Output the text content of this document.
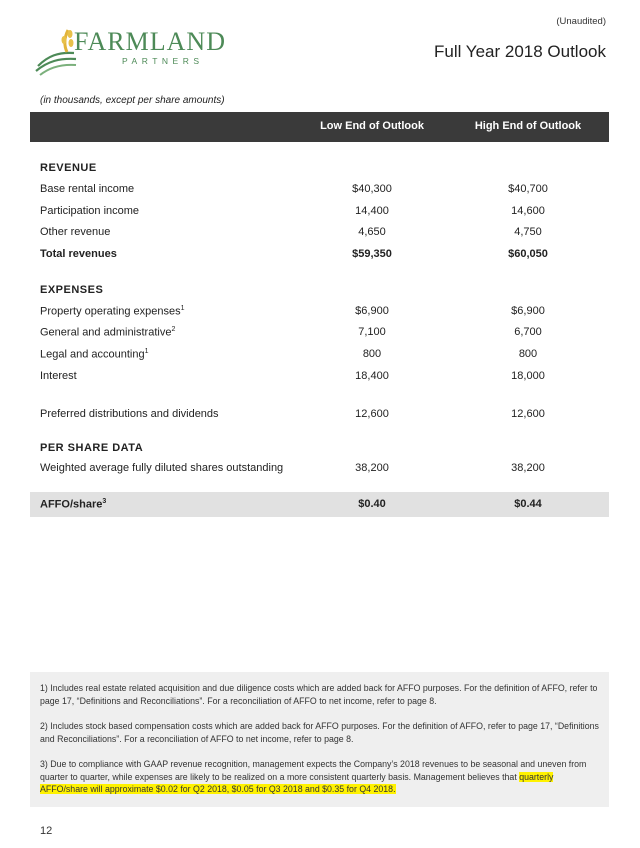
FARMLAND
PARTNERS
(Unaudited)
Full Year 2018 Outlook
(in thousands, except per share amounts)
Low End of Outlook	High End of Outlook
REVENUE
Base rental income	$40,300	$40,700
Participation income	14,400	14,600
Other revenue	4,650	4,750
Total revenues	$59,350	$60,050
EXPENSES
Property operating expenses$^1$	$6,900	$6,900
General and administrative$^2$	7,100	6,700
Legal and accounting$^1$	800	800
Interest	18,400	18,000
Preferred distributions and dividends	12,600	12,600
PER SHARE DATA
Weighted average fully diluted shares outstanding	38,200	38,200
AFFO/share$^3$	$0.40	$0.44
1) Includes real estate related acquisition and due diligence costs which are added back for AFFO purposes. For the definition of AFFO, refer to page 17, “Definitions and Reconciliations”. For a reconciliation of AFFO to net income, refer to page 8.
2) Includes stock based compensation costs which are added back for AFFO purposes. For the definition of AFFO, refer to page 17, “Definitions and Reconciliations”. For a reconciliation of AFFO to net income, refer to page 8.
3) Due to compliance with GAAP revenue recognition, management expects the Company’s 2018 revenues to be seasonal and uneven from quarter to quarter, while expenses are likely to be realized on a more consistent quarterly basis. Management believes that quarterly AFFO/share will approximate $0.02 for Q2 2018, $0.05 for Q3 2018 and $0.35 for Q4 2018.
12
